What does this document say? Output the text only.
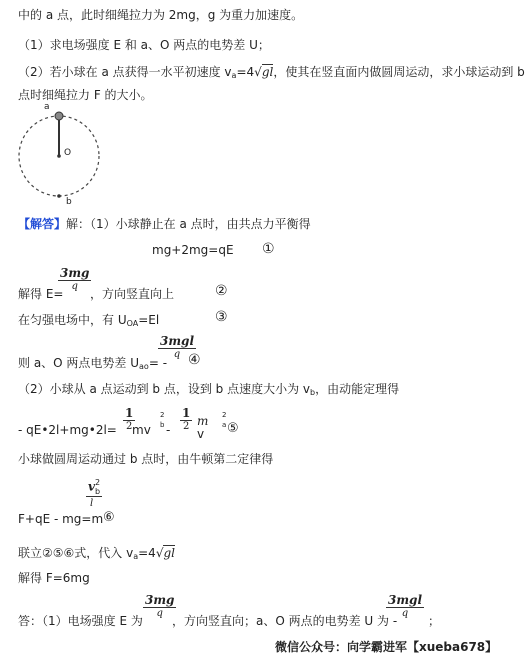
中的 a 点，此时细绳拉力为 2mg，g 为重力加速度。
（1）求电场强度 E 和 a、O 两点的电势差 U；
（2）若小球在 a 点获得一水平初速度 $v_a=4√gl$，使其在竖直面内做圆周运动，求小球运动到 b
点时细绳拉力 F 的大小。
a
O
b
【解答】解：（1）小球静止在 a 点时，由共点力平衡得
mg+2mg=qE ①
3mg
q
解得 E= ，方向竖直向上	②
在匀强电场中，有 $U_{OA}=El$	③
3mgl
q
则 a、O 两点电势差 $U_{ao}=$ - ④
（2）小球从 a 点运动到 b 点，设到 b 点速度大小为 $v_b$，由动能定理得
- qE•2l+mg•2l=
1
2 mv
2
b -
1
2 m
v
2
a ⑤
小球做圆周运动通过 b 点时，由牛顿第二定律得
v 2
b
l
F+qE - mg=m ⑥
联立②⑤⑥式，代入 $v_a=4√gl$
解得 F=6mg
3mg
q
3mgl
q
答：（1）电场强度 E 为 ，方向竖直向；a、O 两点的电势差 U 为 -	；
微信公众号：向学霸进军【xueba678】
